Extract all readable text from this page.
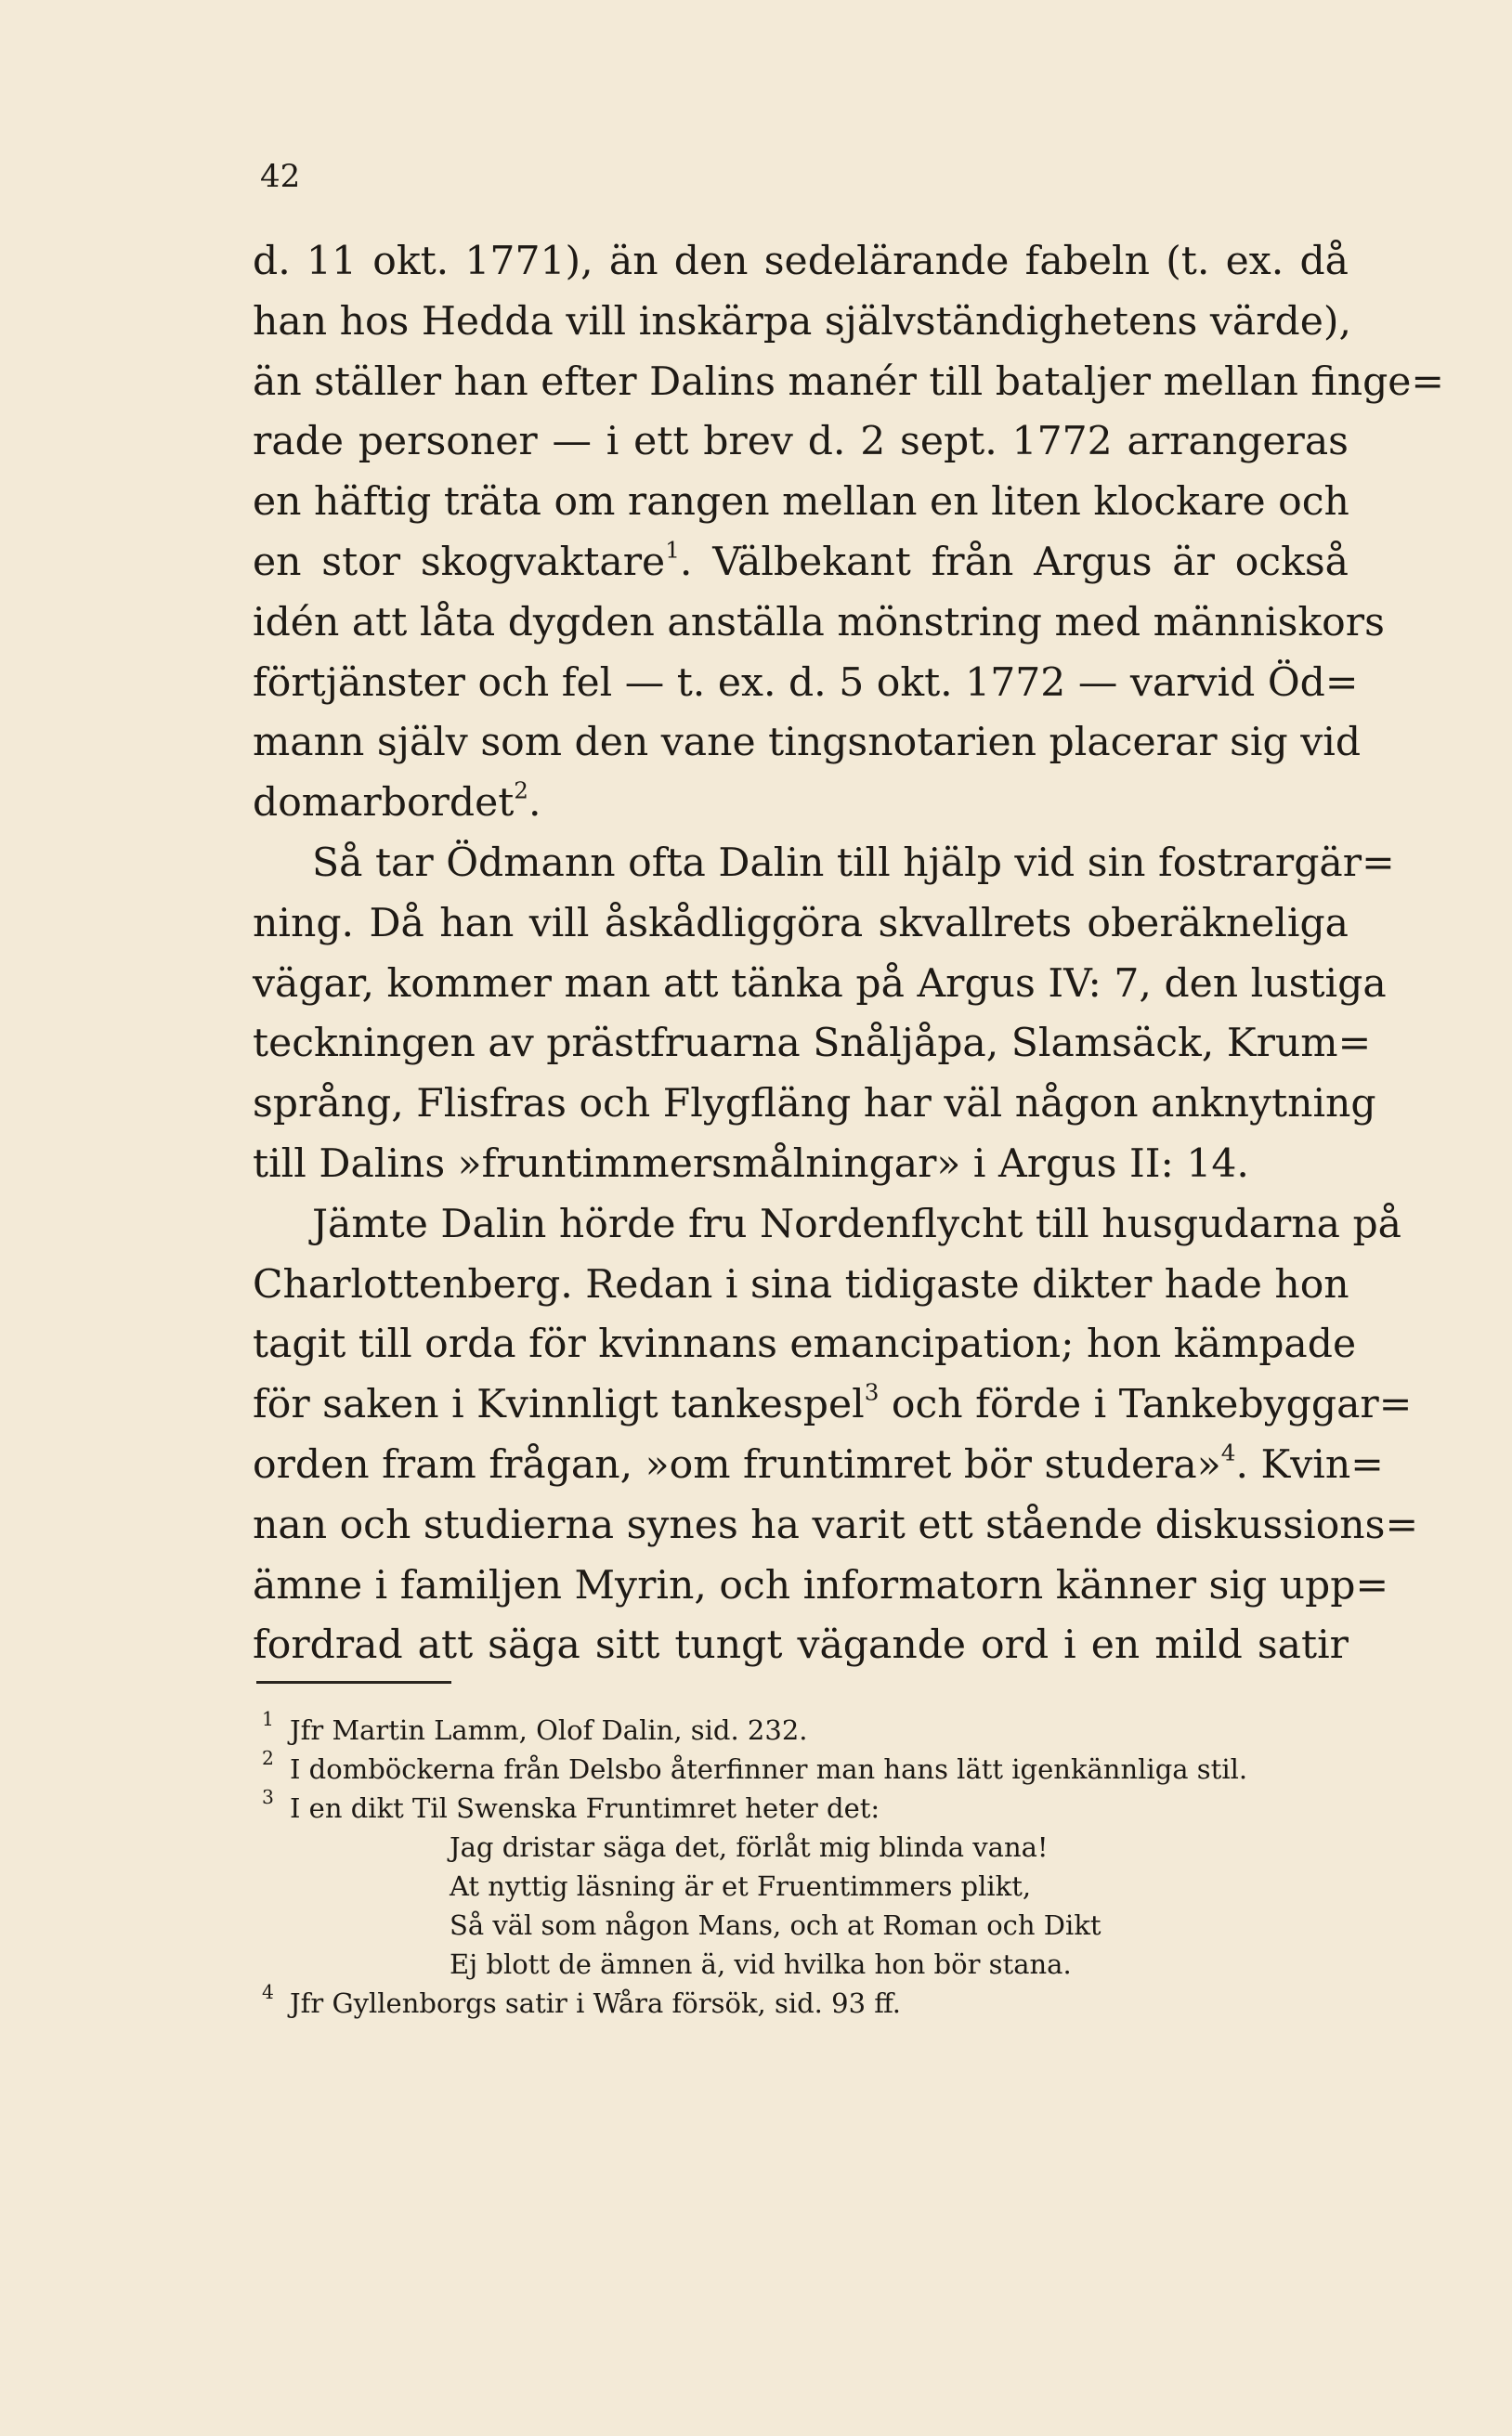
42
d. 11 okt. 1771), än den sedelärande fabeln (t. ex. då
han hos Hedda vill inskärpa självständighetens värde),
än ställer han efter Dalins manér till bataljer mellan finge=
rade personer — i ett brev d. 2 sept. 1772 arrangeras
en häftig träta om rangen mellan en liten klockare och
en stor skogvaktare$^1$. Välbekant från Argus är också
idén att låta dygden anställa mönstring med människors
förtjänster och fel — t. ex. d. 5 okt. 1772 — varvid Öd=
mann själv som den vane tingsnotarien placerar sig vid
domarbordet$^2$.
Så tar Ödmann ofta Dalin till hjälp vid sin fostrargär=
ning. Då han vill åskådliggöra skvallrets oberäkneliga
vägar, kommer man att tänka på Argus IV: 7, den lustiga
teckningen av prästfruarna Snåljåpa, Slamsäck, Krum=
språng, Flisfras och Flygfläng har väl någon anknytning
till Dalins »fruntimmersmålningar» i Argus II: 14.
Jämte Dalin hörde fru Nordenflycht till husgudarna på
Charlottenberg. Redan i sina tidigaste dikter hade hon
tagit till orda för kvinnans emancipation; hon kämpade
för saken i Kvinnligt tankespel$^3$ och förde i Tankebyggar=
orden fram frågan, »om fruntimret bör studera»$^4$. Kvin=
nan och studierna synes ha varit ett stående diskussions=
ämne i familjen Myrin, och informatorn känner sig upp=
fordrad att säga sitt tungt vägande ord i en mild satir
$^1$ Jfr Martin Lamm, Olof Dalin, sid. 232.
$^2$ I domböckerna från Delsbo återfinner man hans lätt igenkännliga stil.
$^3$ I en dikt Til Swenska Fruntimret heter det:
Jag dristar säga det, förlåt mig blinda vana!
At nyttig läsning är et Fruentimmers plikt,
Så väl som någon Mans, och at Roman och Dikt
Ej blott de ämnen ä, vid hvilka hon bör stana.
$^4$ Jfr Gyllenborgs satir i Wåra försök, sid. 93 ff.
